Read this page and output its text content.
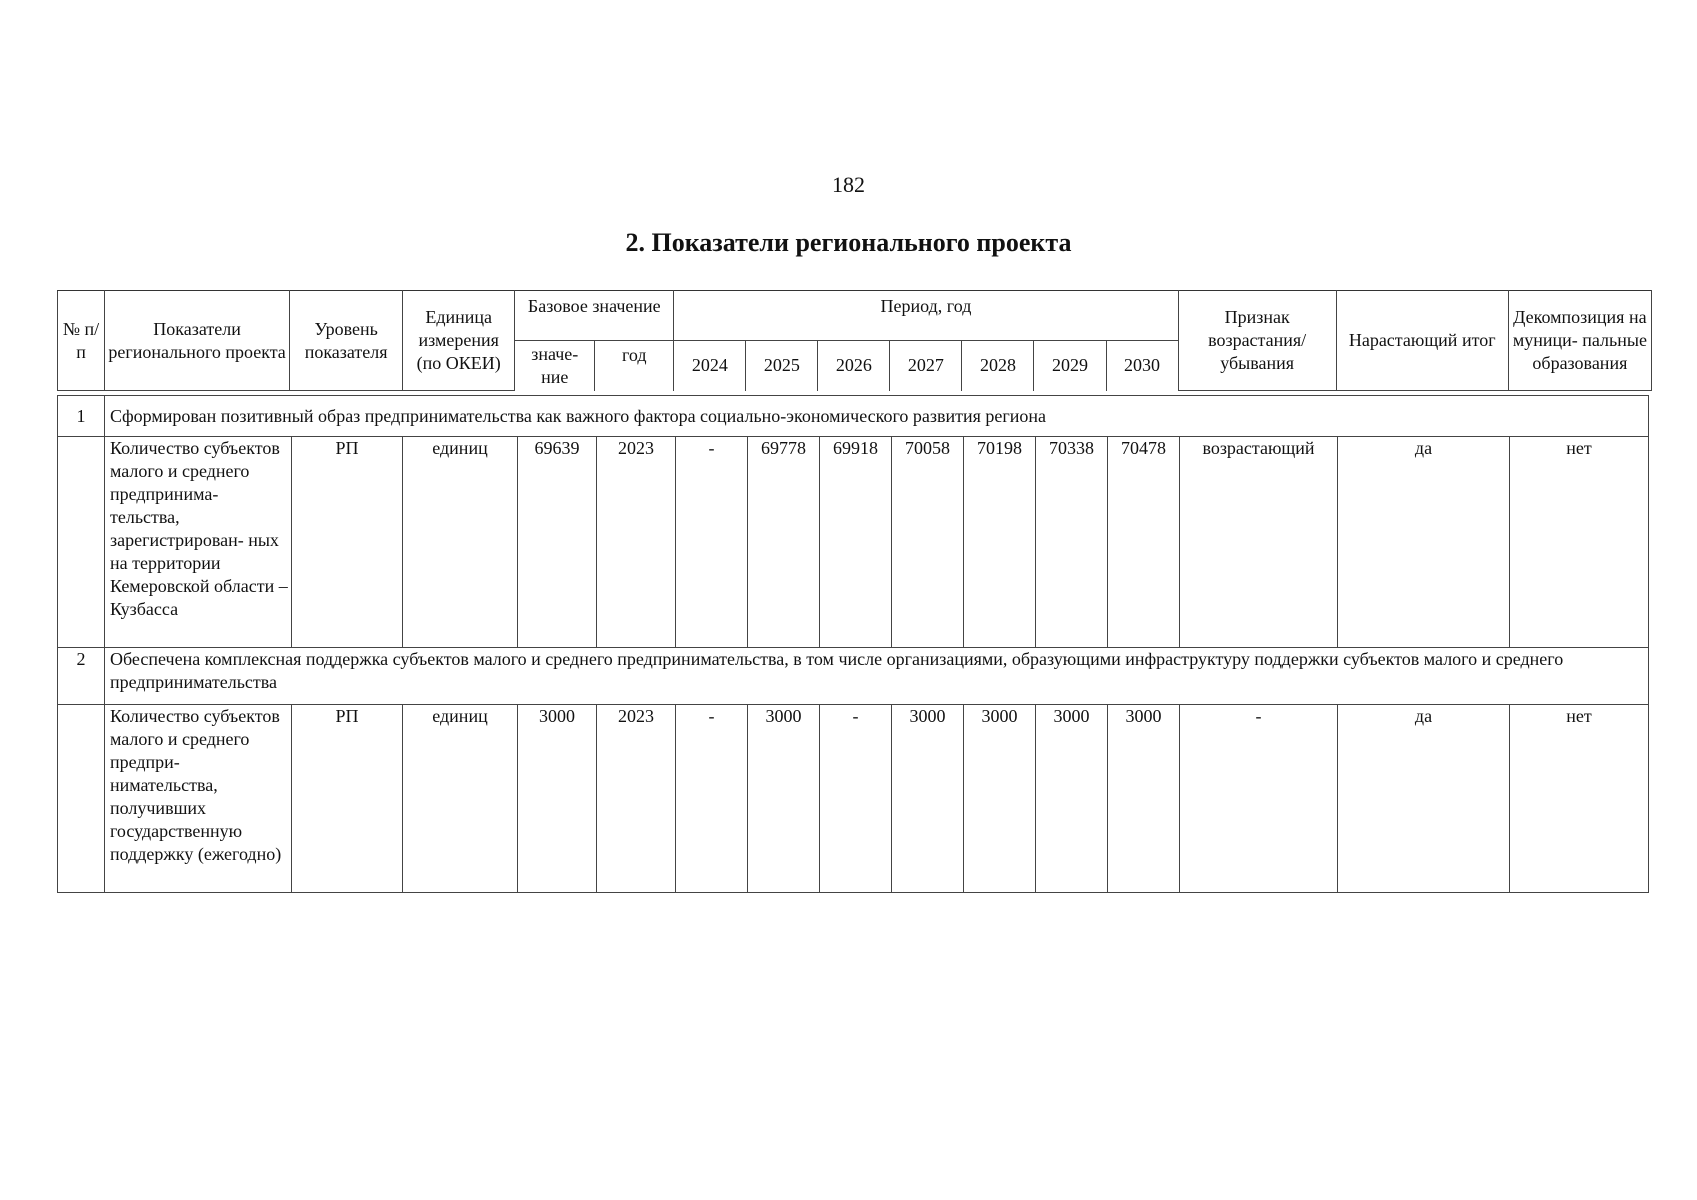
182
2. Показатели регионального проекта
№ п/п	Показатели регионального проекта	Уровень показателя	Единица измерения (по ОКЕИ)	Базовое значение		Период, год							Признак возрастания/ убывания	Нарастающий итог	Декомпозиция на муници- пальные образования
				значе- ние	год	2024	2025	2026	2027	2028	2029	2030			
1	Сформирован позитивный образ предпринимательства как важного фактора социально-экономического развития региона														
	Количество субъектов малого и среднего предпринима- тельства, зарегистрирован- ных на территории Кемеровской области – Кузбасса	РП	единиц	69639	2023	-	69778	69918	70058	70198	70338	70478	возрастающий	да	нет
2	Обеспечена комплексная поддержка субъектов малого и среднего предпринимательства, в том числе организациями, образующими инфраструктуру поддержки субъектов малого и среднего предпринимательства														
	Количество субъектов малого и среднего предпри- нимательства, получивших государственную поддержку (ежегодно)	РП	единиц	3000	2023	-	3000	-	3000	3000	3000	3000	-	да	нет
